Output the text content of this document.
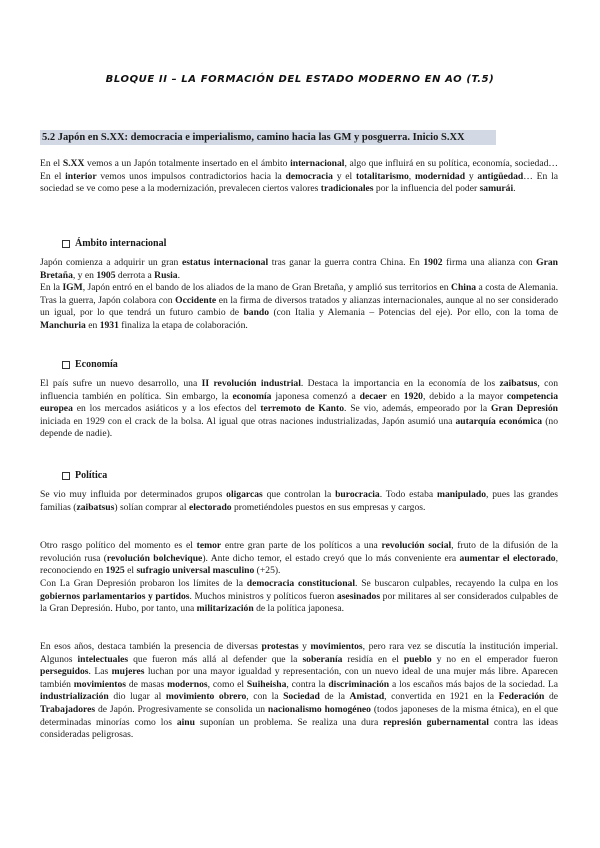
BLOQUE II – LA FORMACIÓN DEL ESTADO MODERNO EN AO (T.5)
5.2 Japón en S.XX: democracia e imperialismo, camino hacia las GM y posguerra. Inicio S.XX

En el S.XX vemos a un Japón totalmente insertado en el ámbito internacional, algo que influirá en su política, economía, sociedad… En el interior vemos unos impulsos contradictorios hacia la democracia y el totalitarismo, modernidad y antigüedad… En la sociedad se ve como pese a la modernización, prevalecen ciertos valores tradicionales por la influencia del poder samurái.

Ámbito internacional

Japón comienza a adquirir un gran estatus internacional tras ganar la guerra contra China. En 1902 firma una alianza con Gran Bretaña, y en 1905 derrota a Rusia.

En la IGM, Japón entró en el bando de los aliados de la mano de Gran Bretaña, y amplió sus territorios en China a costa de Alemania. Tras la guerra, Japón colabora con Occidente en la firma de diversos tratados y alianzas internacionales, aunque al no ser considerado un igual, por lo que tendrá un futuro cambio de bando (con Italia y Alemania – Potencias del eje). Por ello, con la toma de Manchuria en 1931 finaliza la etapa de colaboración.

Economía

El país sufre un nuevo desarrollo, una II revolución industrial. Destaca la importancia en la economía de los zaibatsus, con influencia también en política. Sin embargo, la economía japonesa comenzó a decaer en 1920, debido a la mayor competencia europea en los mercados asiáticos y a los efectos del terremoto de Kanto. Se vio, además, empeorado por la Gran Depresión iniciada en 1929 con el crack de la bolsa. Al igual que otras naciones industrializadas, Japón asumió una autarquía económica (no depende de nadie).

Política

Se vio muy influida por determinados grupos oligarcas que controlan la burocracia. Todo estaba manipulado, pues las grandes familias (zaibatsus) solían comprar al electorado prometiéndoles puestos en sus empresas y cargos.

Otro rasgo político del momento es el temor entre gran parte de los políticos a una revolución social, fruto de la difusión de la revolución rusa (revolución bolchevique). Ante dicho temor, el estado creyó que lo más conveniente era aumentar el electorado, reconociendo en 1925 el sufragio universal masculino (+25).

Con La Gran Depresión probaron los límites de la democracia constitucional. Se buscaron culpables, recayendo la culpa en los gobiernos parlamentarios y partidos. Muchos ministros y políticos fueron asesinados por militares al ser considerados culpables de la Gran Depresión. Hubo, por tanto, una militarización de la política japonesa.

En esos años, destaca también la presencia de diversas protestas y movimientos, pero rara vez se discutía la institución imperial. Algunos intelectuales que fueron más allá al defender que la soberanía residía en el pueblo y no en el emperador fueron perseguidos. Las mujeres luchan por una mayor igualdad y representación, con un nuevo ideal de una mujer más libre. Aparecen también movimientos de masas modernos, como el Suiheisha, contra la discriminación a los escaños más bajos de la sociedad. La industrialización dio lugar al movimiento obrero, con la Sociedad de la Amistad, convertida en 1921 en la Federación de Trabajadores de Japón. Progresivamente se consolida un nacionalismo homogéneo (todos japoneses de la misma étnica), en el que determinadas minorías como los ainu suponían un problema. Se realiza una dura represión gubernamental contra las ideas consideradas peligrosas.
